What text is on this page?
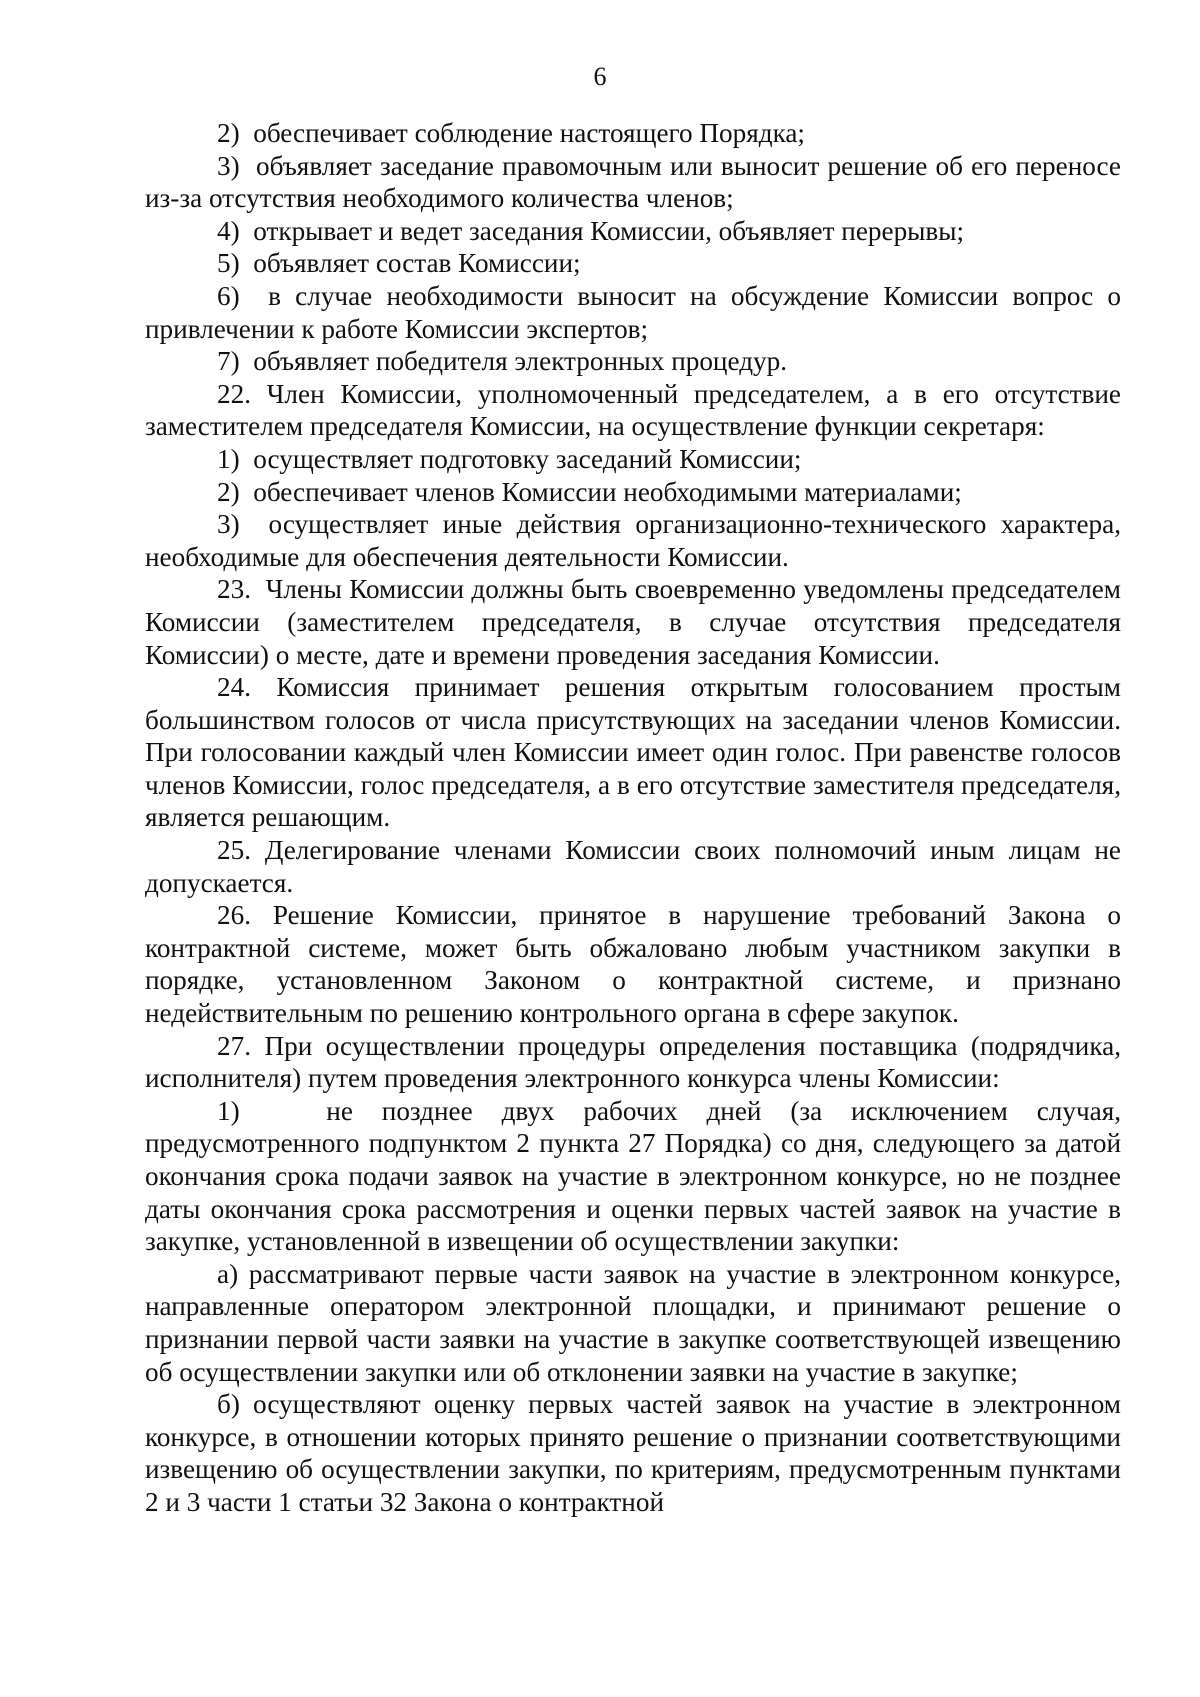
6

2)  обеспечивает соблюдение настоящего Порядка;

3)  объявляет заседание правомочным или выносит решение об его переносе из-за отсутствия необходимого количества членов;

4)  открывает и ведет заседания Комиссии, объявляет перерывы;

5)  объявляет состав Комиссии;

6)  в случае необходимости выносит на обсуждение Комиссии вопрос о привлечении к работе Комиссии экспертов;

7)  объявляет победителя электронных процедур.

22. Член Комиссии, уполномоченный председателем, а в его отсутствие заместителем председателя Комиссии, на осуществление функции секретаря:

1)  осуществляет подготовку заседаний Комиссии;

2)  обеспечивает членов Комиссии необходимыми материалами;

3)  осуществляет иные действия организационно-технического характера, необходимые для обеспечения деятельности Комиссии.

23.  Члены Комиссии должны быть своевременно уведомлены председателем Комиссии (заместителем председателя, в случае отсутствия председателя Комиссии) о месте, дате и времени проведения заседания Комиссии.

24. Комиссия принимает решения открытым голосованием простым большинством голосов от числа присутствующих на заседании членов Комиссии. При голосовании каждый член Комиссии имеет один голос. При равенстве голосов членов Комиссии, голос председателя, а в его отсутствие заместителя председателя, является решающим.

25. Делегирование членами Комиссии своих полномочий иным лицам не допускается.

26. Решение Комиссии, принятое в нарушение требований Закона о контрактной системе, может быть обжаловано любым участником закупки в порядке, установленном Законом о контрактной системе, и признано недействительным по решению контрольного органа в сфере закупок.

27. При осуществлении процедуры определения поставщика (подрядчика, исполнителя) путем проведения электронного конкурса члены Комиссии:

1)   не позднее двух рабочих дней (за исключением случая, предусмотренного подпунктом 2 пункта 27 Порядка) со дня, следующего за датой окончания срока подачи заявок на участие в электронном конкурсе, но не позднее даты окончания срока рассмотрения и оценки первых частей заявок на участие в закупке, установленной в извещении об осуществлении закупки:

а) рассматривают первые части заявок на участие в электронном конкурсе, направленные оператором электронной площадки, и принимают решение о признании первой части заявки на участие в закупке соответствующей извещению об осуществлении закупки или об отклонении заявки на участие в закупке;

б) осуществляют оценку первых частей заявок на участие в электронном конкурсе, в отношении которых принято решение о признании соответствующими извещению об осуществлении закупки, по критериям, предусмотренным пунктами 2 и 3 части 1 статьи 32 Закона о контрактной
